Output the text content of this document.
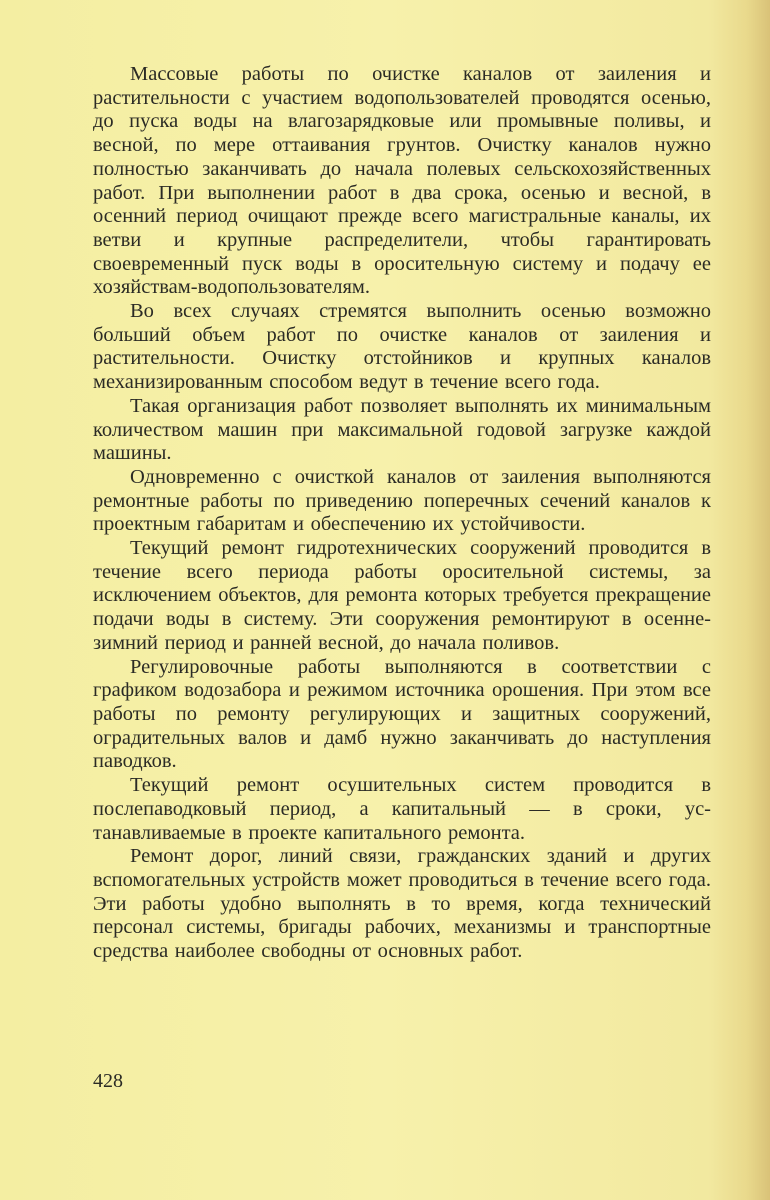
Массовые работы по очистке каналов от заиления и растительности с участием водопользователей проводятся осенью, до пуска воды на влагозарядковые или промывные поливы, и весной, по мере оттаивания грунтов. Очистку каналов нужно полностью заканчивать до начала полевых сельскохозяйственных работ. При выполнении работ в два срока, осенью и весной, в осенний период очищают прежде всего магистральные каналы, их ветви и крупные распределители, чтобы гарантировать своевременный пуск воды в оросительную систему и подачу ее хозяйствам-водопользователям.

Во всех случаях стремятся выполнить осенью возможно больший объем работ по очистке каналов от заиления и растительности. Очистку отстойников и крупных каналов механизированным способом ведут в течение всего года.

Такая организация работ позволяет выполнять их минимальным количеством машин при максимальной годовой загрузке каждой машины.

Одновременно с очисткой каналов от заиления выполняются ремонтные работы по приведению поперечных сечений каналов к проектным габаритам и обеспечению их устойчивости.

Текущий ремонт гидротехнических сооружений проводится в течение всего периода работы оросительной системы, за исключением объектов, для ремонта которых требуется прекращение подачи воды в систему. Эти сооружения ремонтируют в осенне-зимний период и ранней весной, до начала поливов.

Регулировочные работы выполняются в соответствии с графиком водозабора и режимом источника орошения. При этом все работы по ремонту регулирующих и защитных сооружений, оградительных валов и дамб нужно заканчивать до наступления паводков.

Текущий ремонт осушительных систем проводится в послепаводковый период, а капитальный — в сроки, устанавливаемые в проекте капитального ремонта.

Ремонт дорог, линий связи, гражданских зданий и других вспомогательных устройств может проводиться в течение всего года. Эти работы удобно выполнять в то время, когда технический персонал системы, бригады рабочих, механизмы и транспортные средства наиболее свободны от основных работ.

428
